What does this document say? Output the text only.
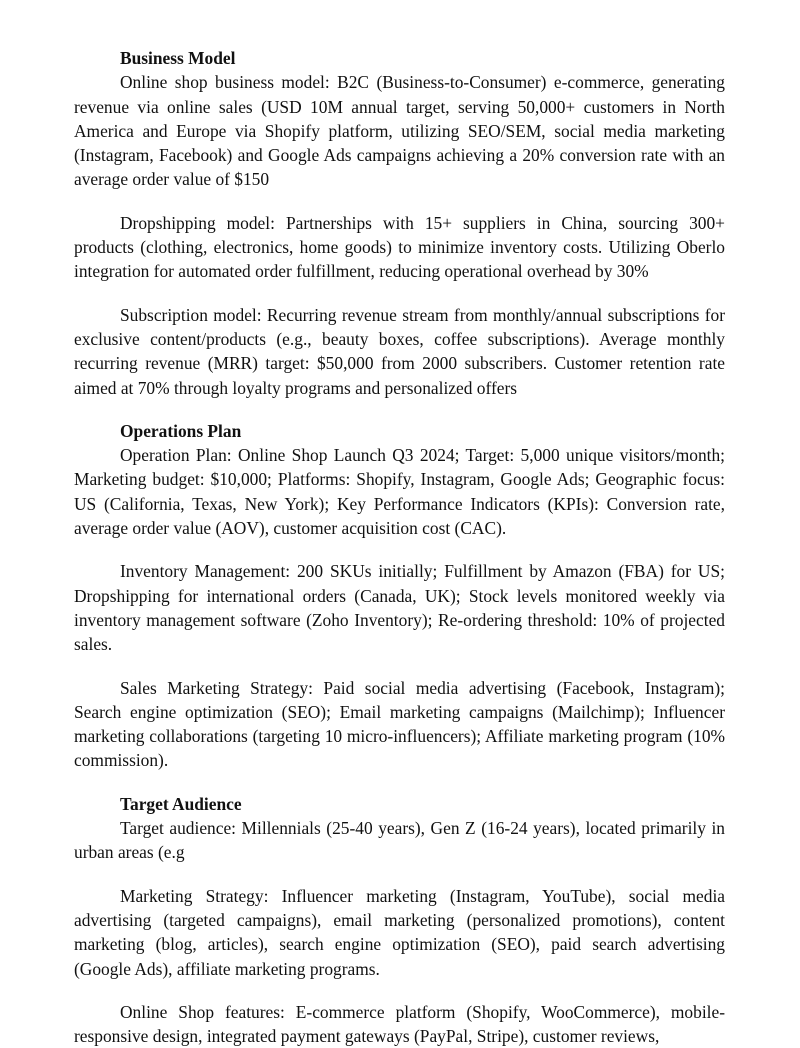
Business Model

Online shop business model: B2C (Business-to-Consumer) e-commerce, generating revenue via online sales (USD 10M annual target, serving 50,000+ customers in North America and Europe via Shopify platform, utilizing SEO/SEM, social media marketing (Instagram, Facebook) and Google Ads campaigns achieving a 20% conversion rate with an average order value of $150

Dropshipping model: Partnerships with 15+ suppliers in China, sourcing 300+ products (clothing, electronics, home goods) to minimize inventory costs. Utilizing Oberlo integration for automated order fulfillment, reducing operational overhead by 30%

Subscription model: Recurring revenue stream from monthly/annual subscriptions for exclusive content/products (e.g., beauty boxes, coffee subscriptions). Average monthly recurring revenue (MRR) target: $50,000 from 2000 subscribers. Customer retention rate aimed at 70% through loyalty programs and personalized offers

Operations Plan

Operation Plan: Online Shop Launch Q3 2024; Target: 5,000 unique visitors/month; Marketing budget: $10,000; Platforms: Shopify, Instagram, Google Ads; Geographic focus: US (California, Texas, New York); Key Performance Indicators (KPIs): Conversion rate, average order value (AOV), customer acquisition cost (CAC).

Inventory Management: 200 SKUs initially; Fulfillment by Amazon (FBA) for US; Dropshipping for international orders (Canada, UK); Stock levels monitored weekly via inventory management software (Zoho Inventory); Re-ordering threshold: 10% of projected sales.

Sales Marketing Strategy: Paid social media advertising (Facebook, Instagram); Search engine optimization (SEO); Email marketing campaigns (Mailchimp); Influencer marketing collaborations (targeting 10 micro-influencers); Affiliate marketing program (10% commission).

Target Audience

Target audience: Millennials (25-40 years), Gen Z (16-24 years), located primarily in urban areas (e.g

Marketing Strategy: Influencer marketing (Instagram, YouTube), social media advertising (targeted campaigns), email marketing (personalized promotions), content marketing (blog, articles), search engine optimization (SEO), paid search advertising (Google Ads), affiliate marketing programs.

Online Shop features: E-commerce platform (Shopify, WooCommerce), mobile-responsive design, integrated payment gateways (PayPal, Stripe), customer reviews,
